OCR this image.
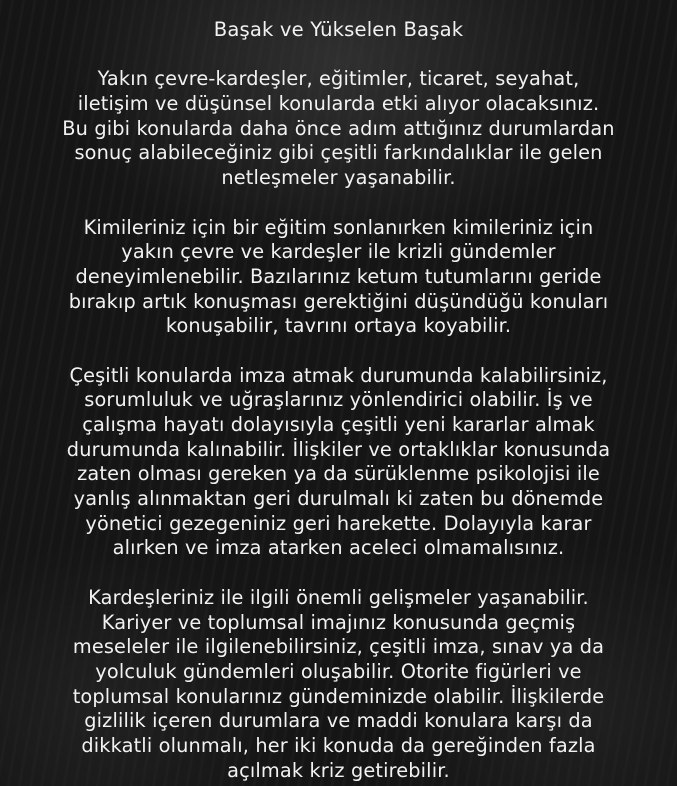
Başak ve Yükselen Başak
Yakın çevre-kardeşler, eğitimler, ticaret, seyahat,
iletişim ve düşünsel konularda etki alıyor olacaksınız.
Bu gibi konularda daha önce adım attığınız durumlardan
sonuç alabileceğiniz gibi çeşitli farkındalıklar ile gelen
netleşmeler yaşanabilir.
Kimileriniz için bir eğitim sonlanırken kimileriniz için
yakın çevre ve kardeşler ile krizli gündemler
deneyimlenebilir. Bazılarınız ketum tutumlarını geride
bırakıp artık konuşması gerektiğini düşündüğü konuları
konuşabilir, tavrını ortaya koyabilir.
Çeşitli konularda imza atmak durumunda kalabilirsiniz,
sorumluluk ve uğraşlarınız yönlendirici olabilir. İş ve
çalışma hayatı dolayısıyla çeşitli yeni kararlar almak
durumunda kalınabilir. İlişkiler ve ortaklıklar konusunda
zaten olması gereken ya da sürüklenme psikolojisi ile
yanlış alınmaktan geri durulmalı ki zaten bu dönemde
yönetici gezegeniniz geri harekette. Dolayıyla karar
alırken ve imza atarken aceleci olmamalısınız.
Kardeşleriniz ile ilgili önemli gelişmeler yaşanabilir.
Kariyer ve toplumsal imajınız konusunda geçmiş
meseleler ile ilgilenebilirsiniz, çeşitli imza, sınav ya da
yolculuk gündemleri oluşabilir. Otorite figürleri ve
toplumsal konularınız gündeminizde olabilir. İlişkilerde
gizlilik içeren durumlara ve maddi konulara karşı da
dikkatli olunmalı, her iki konuda da gereğinden fazla
açılmak kriz getirebilir.
